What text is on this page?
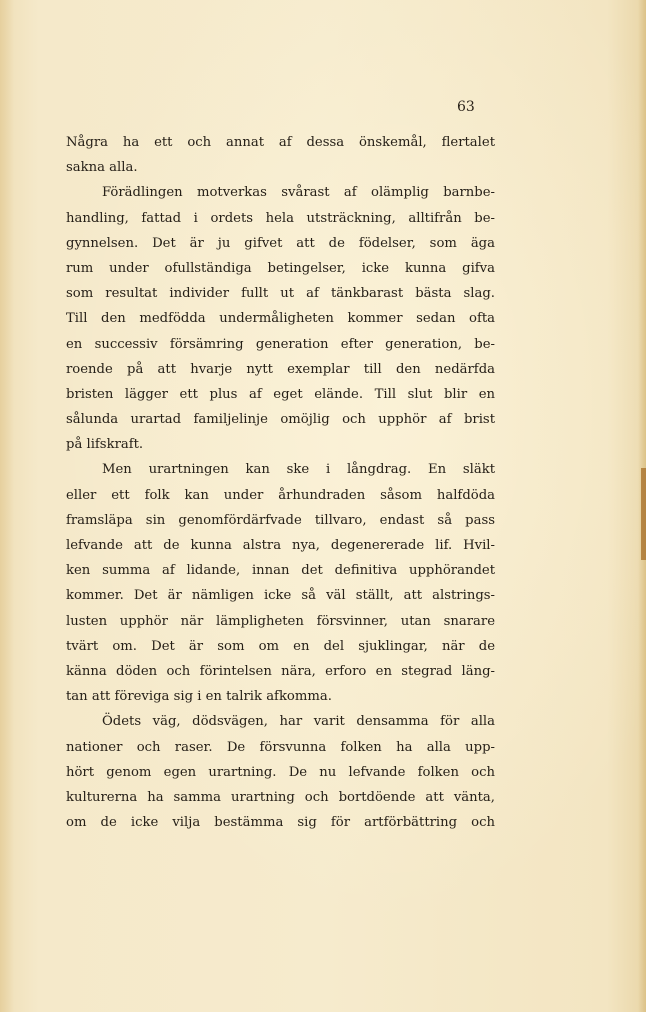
63
Några ha ett och annat af dessa önskemål, flertalet
sakna alla.
Förädlingen motverkas svårast af olämplig barnbe-
handling, fattad i ordets hela utsträckning, alltifrån be-
gynnelsen. Det är ju gifvet att de födelser, som äga
rum under ofullständiga betingelser, icke kunna gifva
som resultat individer fullt ut af tänkbarast bästa slag.
Till den medfödda undermåligheten kommer sedan ofta
en successiv försämring generation efter generation, be-
roende på att hvarje nytt exemplar till den nedärfda
bristen lägger ett plus af eget elände. Till slut blir en
sålunda urartad familjelinje omöjlig och upphör af brist
på lifskraft.
Men urartningen kan ske i långdrag. En släkt
eller ett folk kan under århundraden såsom halfdöda
framsläpa sin genomfördärfvade tillvaro, endast så pass
lefvande att de kunna alstra nya, degenererade lif. Hvil-
ken summa af lidande, innan det definitiva upphörandet
kommer. Det är nämligen icke så väl ställt, att alstrings-
lusten upphör när lämpligheten försvinner, utan snarare
tvärt om. Det är som om en del sjuklingar, när de
känna döden och förintelsen nära, erforo en stegrad läng-
tan att föreviga sig i en talrik afkomma.
Ödets väg, dödsvägen, har varit densamma för alla
nationer och raser. De försvunna folken ha alla upp-
hört genom egen urartning. De nu lefvande folken och
kulturerna ha samma urartning och bortdöende att vänta,
om de icke vilja bestämma sig för artförbättring och
